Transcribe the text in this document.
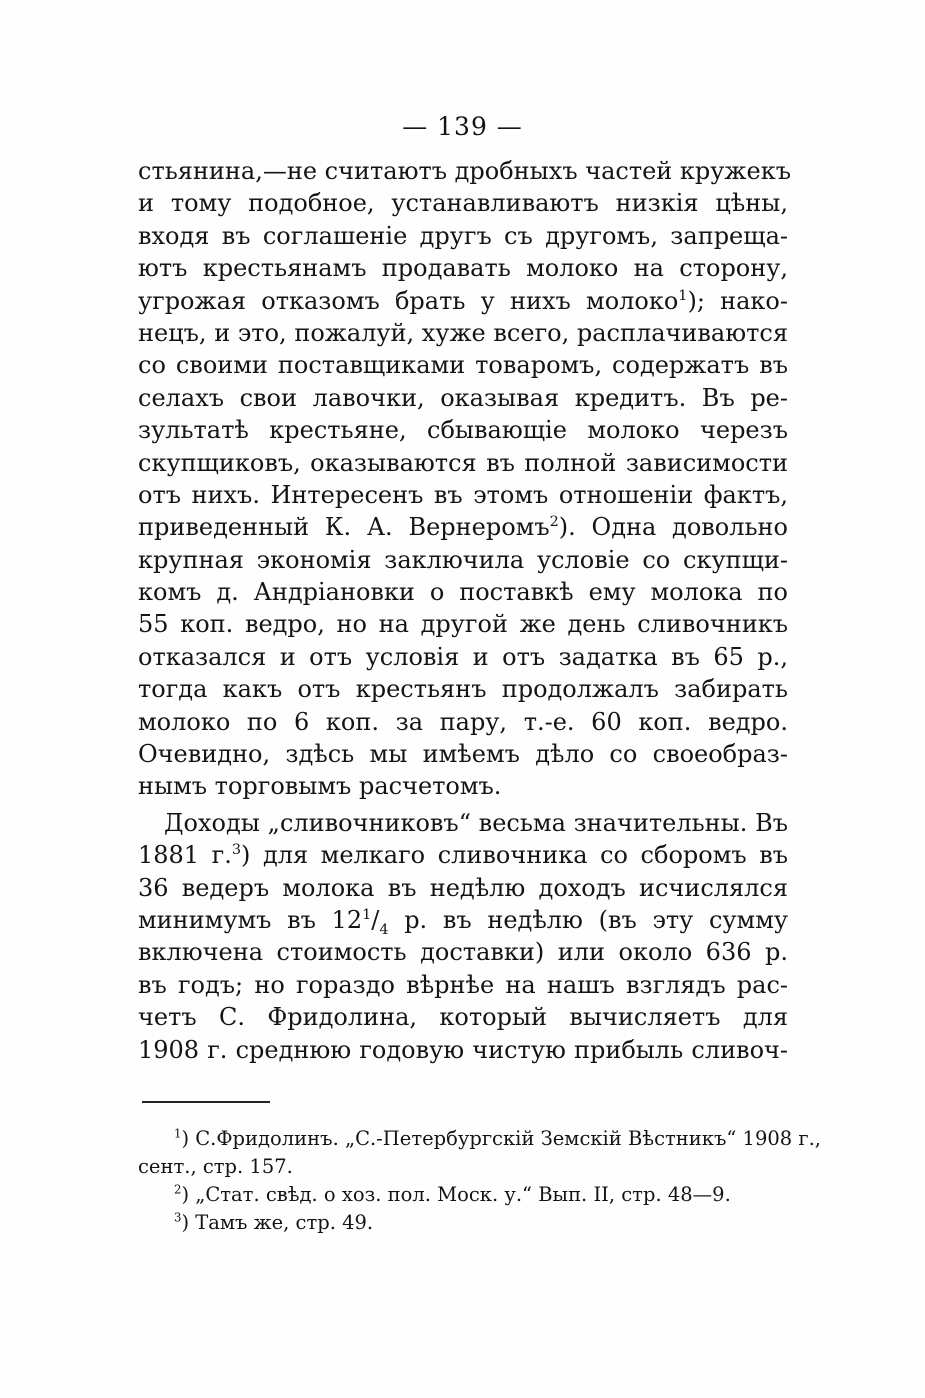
— 139 —
стьянина,—не считаютъ дробныхъ частей кружекъ
и тому подобное, устанавливаютъ низкія цѣны,
входя въ соглашеніе другъ съ другомъ, запреща-
ютъ крестьянамъ продавать молоко на сторону,
угрожая отказомъ брать у нихъ молоко$^1$); нако-
нецъ, и это, пожалуй, хуже всего, расплачиваются
со своими поставщиками товаромъ, содержатъ въ
селахъ свои лавочки, оказывая кредитъ. Въ ре-
зультатѣ крестьяне, сбывающіе молоко черезъ
скупщиковъ, оказываются въ полной зависимости
отъ нихъ. Интересенъ въ этомъ отношеніи фактъ,
приведенный К. А. Вернеромъ$^2$). Одна довольно
крупная экономія заключила условіе со скупщи-
комъ д. Андріановки о поставкѣ ему молока по
55 коп. ведро, но на другой же день сливочникъ
отказался и отъ условія и отъ задатка въ 65 р.,
тогда какъ отъ крестьянъ продолжалъ забирать
молоко по 6 коп. за пару, т.-е. 60 коп. ведро.
Очевидно, здѣсь мы имѣемъ дѣло со своеобраз-
нымъ торговымъ расчетомъ.
Доходы „сливочниковъ“ весьма значительны. Въ
1881 г.$^3$) для мелкаго сливочника со сборомъ въ
36 ведеръ молока въ недѣлю доходъ исчислялся
минимумъ въ $12^1/_4$ р. въ недѣлю (въ эту сумму
включена стоимость доставки) или около 636 р.
въ годъ; но гораздо вѣрнѣе на нашъ взглядъ рас-
четъ С. Фридолина, который вычисляетъ для
1908 г. среднюю годовую чистую прибыль сливоч-
$^1$) С.Фридолинъ. „С.-Петербургскій Земскій Вѣстникъ“ 1908 г.,
сент., стр. 157.
$^2$) „Стат. свѣд. о хоз. пол. Моск. у.“ Вып. II, стр. 48—9.
$^3$) Тамъ же, стр. 49.
